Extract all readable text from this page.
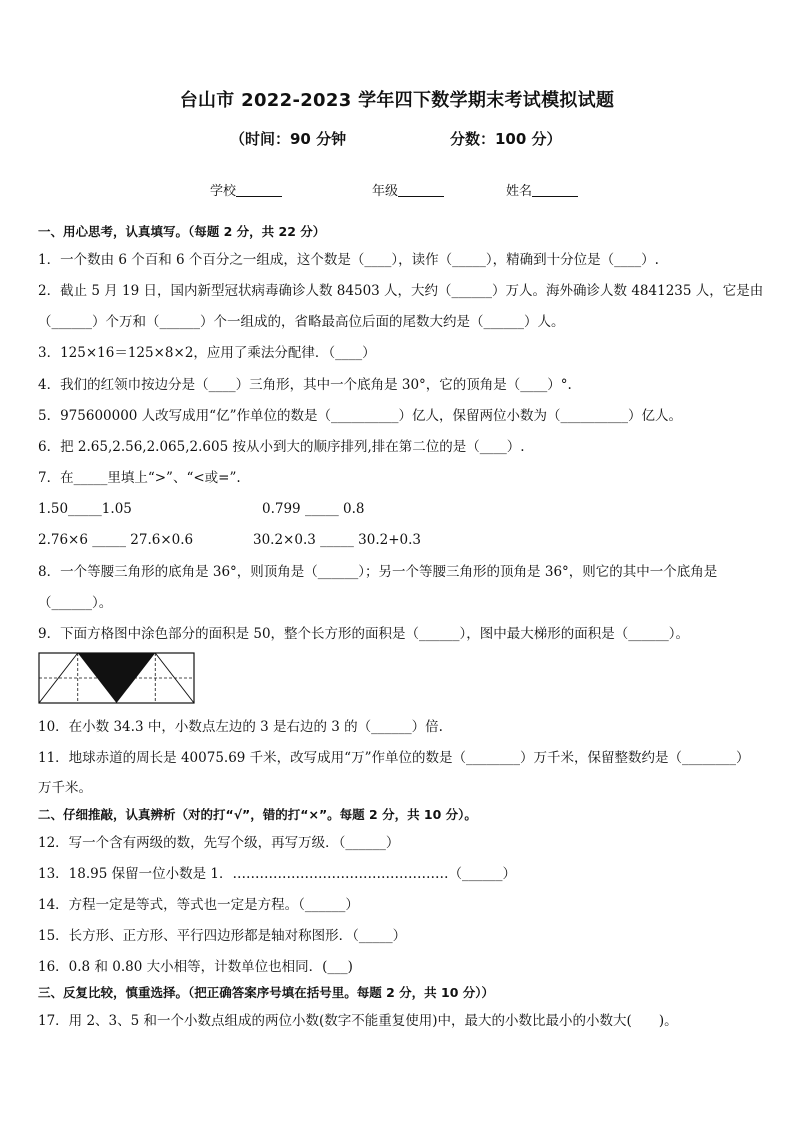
台山市 2022-2023 学年四下数学期末考试模拟试题
（时间：90 分钟	分数：100 分）
学校	年级	姓名
一、用心思考，认真填写。（每题 2 分，共 22 分）
1．一个数由 6 个百和 6 个百分之一组成，这个数是（____），读作（_____），精确到十分位是（____）.
2．截止 5 月 19 日，国内新型冠状病毒确诊人数 84503 人，大约（______）万人。海外确诊人数 4841235 人，它是由
（______）个万和（______）个一组成的，省略最高位后面的尾数大约是（______）人。
3．125×16＝125×8×2，应用了乘法分配律．（____）
4．我们的红领巾按边分是（____）三角形，其中一个底角是 30°，它的顶角是（____）°.
5．975600000 人改写成用“亿”作单位的数是（__________）亿人，保留两位小数为（__________）亿人。
6．把 2.65,2.56,2.065,2.605 按从小到大的顺序排列,排在第二位的是（____）.
7．在_____里填上“>”、“<或=”.
1.50_____1.05	0.799 _____ 0.8
2.76×6 _____ 27.6×0.6	30.2×0.3 _____ 30.2+0.3
8．一个等腰三角形的底角是 36°，则顶角是（______）；另一个等腰三角形的顶角是 36°，则它的其中一个底角是
（______）。
9．下面方格图中涂色部分的面积是 50，整个长方形的面积是（______），图中最大梯形的面积是（______）。
10．在小数 34.3 中，小数点左边的 3 是右边的 3 的（______）倍.
11．地球赤道的周长是 40075.69 千米，改写成用“万”作单位的数是（________）万千米，保留整数约是（________）
万千米。
二、仔细推敲，认真辨析（对的打“√”，错的打“×”。每题 2 分，共 10 分）。
12．写一个含有两级的数，先写个级，再写万级．（______）
13．18.95 保留一位小数是 1．…………………………………………（______）
14．方程一定是等式，等式也一定是方程。（______）
15．长方形、正方形、平行四边形都是轴对称图形．（_____）
16．0.8 和 0.80 大小相等，计数单位也相同．(___)
三、反复比较，慎重选择。（把正确答案序号填在括号里。每题 2 分，共 10 分））
17．用 2、3、5 和一个小数点组成的两位小数(数字不能重复使用)中，最大的小数比最小的小数大(　　)。
